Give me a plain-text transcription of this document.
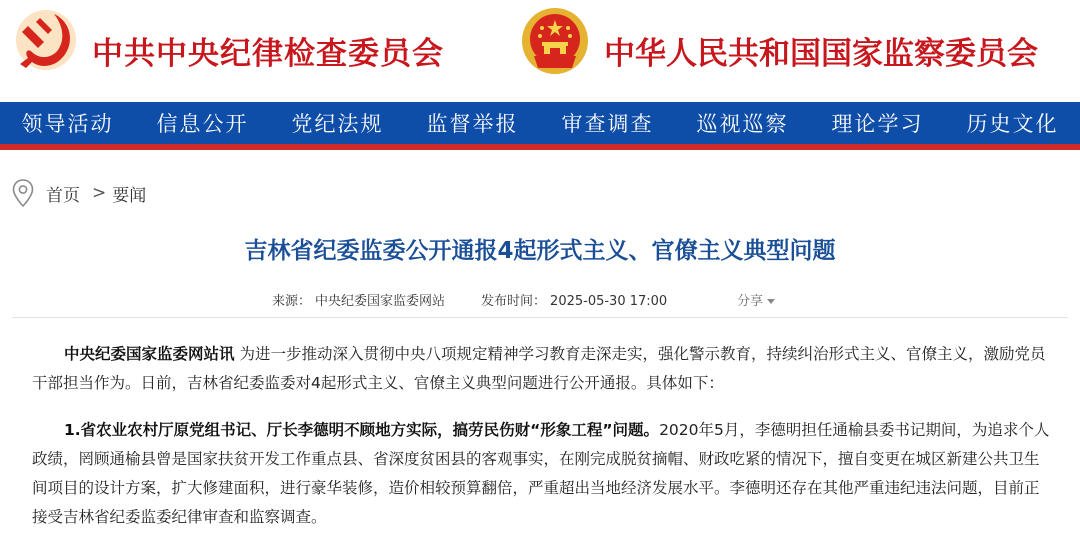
中共中央纪律检查委员会	中华人民共和国国家监察委员会
领导活动	信息公开	党纪法规	监督举报	审查调查	巡视巡察	理论学习	历史文化
首页 > 要闻
吉林省纪委监委公开通报4起形式主义、官僚主义典型问题
来源： 中央纪委国家监委网站	发布时间： 2025-05-30 17:00	分享

中央纪委国家监委网站讯 为进一步推动深入贯彻中央八项规定精神学习教育走深走实，强化警示教育，持续纠治形式主义、官僚主义，激励党员干部担当作为。日前，吉林省纪委监委对4起形式主义、官僚主义典型问题进行公开通报。具体如下：

1.省农业农村厅原党组书记、厅长李德明不顾地方实际，搞劳民伤财“形象工程”问题。2020年5月，李德明担任通榆县委书记期间，为追求个人政绩，罔顾通榆县曾是国家扶贫开发工作重点县、省深度贫困县的客观事实，在刚完成脱贫摘帽、财政吃紧的情况下，擅自变更在城区新建公共卫生间项目的设计方案，扩大修建面积，进行豪华装修，造价相较预算翻倍，严重超出当地经济发展水平。李德明还存在其他严重违纪违法问题，目前正接受吉林省纪委监委纪律审查和监察调查。
